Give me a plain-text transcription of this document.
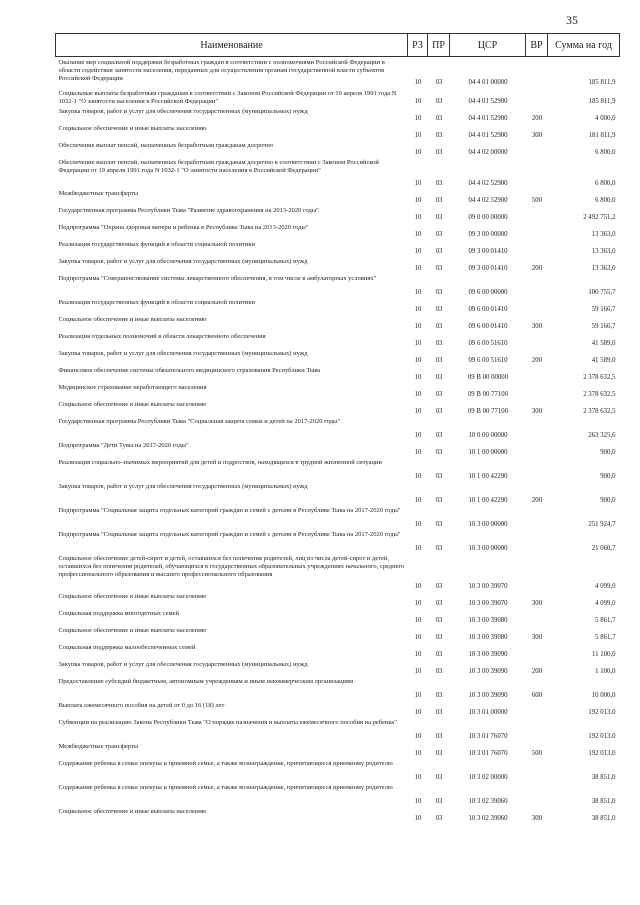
35
Наименование	РЗ	ПР	ЦСР	ВР	Сумма на год
Оказание мер социальной поддержки безработных граждан в соответствии с полномочиями Российской Федерации в области содействия занятости населения, переданных для осуществления органам государственной власти субъектов Российской Федерации	10	03	04 4 01 00000		185 811,9
Социальные выплаты безработным гражданам в соответствии с Законом Российской Федерации от 19 апреля 1991 года N 1032-1 "О занятости населения в Российской Федерации"	10	03	04 4 01 52900		185 811,9
Закупка товаров, работ и услуг для обеспечения государственных (муниципальных) нужд	10	03	04 4 01 52900	200	4 000,0
Социальное обеспечение и иные выплаты населению	10	03	04 4 01 52900	300	181 811,9
Обеспечение выплат пенсий, назначенных безработным гражданам досрочно	10	03	04 4 02 00000		6 800,0
Обеспечение выплат пенсий, назначенных безработным гражданам досрочно в соответствии с Законом Российской Федерации от 19 апреля 1991 года N 1032-1 "О занятости населения в Российской Федерации"	10	03	04 4 02 52900		6 800,0
Межбюджетные трансферты	10	03	04 4 02 52900	500	6 800,0
Государственная программа Республики Тыва "Развитие здравоохранения на 2013-2020 годы"	10	03	09 0 00 00000		2 492 751,2
Подпрограмма "Охрана здоровья матери и ребенка в Республике Тыва на 2013-2020 годы"	10	03	09 3 00 00000		13 363,0
Реализация государственных функций в области социальной политики	10	03	09 3 00 01410		13 363,0
Закупка товаров, работ и услуг для обеспечения государственных (муниципальных) нужд	10	03	09 3 00 01410	200	13 363,0
Подпрограмма "Совершенствование системы лекарственного обеспечения, в том числе в амбулаторных условиях"	10	03	09 6 00 00000		100 755,7
Реализация государственных функций в области социальной политики	10	03	09 6 00 01410		59 166,7
Социальное обеспечение и иные выплаты населению	10	03	09 6 00 01410	300	59 166,7
Реализация отдельных полномочий в области лекарственного обеспечения	10	03	09 6 00 51610		41 589,0
Закупка товаров, работ и услуг для обеспечения государственных (муниципальных) нужд	10	03	09 6 00 51610	200	41 589,0
Финансовое обеспечение системы обязательного медицинского страхования Республики Тыва	10	03	09 В 00 00000		2 378 632,5
Медицинское страхование неработающего населения	10	03	09 В 00 77100		2 378 632,5
Социальное обеспечение и иные выплаты населению	10	03	09 В 00 77100	300	2 378 632,5
Государственная программа Республики Тыва "Социальная защита семьи и детей на 2017-2020 годы"	10	03	10 0 00 00000		263 325,6
Подпрограмма "Дети Тувы на 2017-2020 годы"	10	03	10 1 00 00000		900,0
Реализация социально-значимых мероприятий для детей и подростков, находящихся в трудной жизненной ситуации	10	03	10 1 00 42290		900,0
Закупка товаров, работ и услуг для обеспечения государственных (муниципальных) нужд	10	03	10 1 00 42290	200	900,0
Подпрограмма "Социальная защита отдельных категорий граждан и семей с детьми в Республике Тыва на 2017-2020 годы"	10	03	10 3 00 00000		251 924,7
Подпрограмма "Социальная защита отдельных категорий граждан и семей с детьми в Республике Тыва на 2017-2020 годы"	10	03	10 3 00 00000		21 060,7
Социальное обеспечение детей-сирот и детей, оставшихся без попечения родителей, лиц из числа детей-сирот и детей, оставшихся без попечения родителей, обучающихся в государственных образовательных учреждениях начального, среднего профессионального образования и высшего профессионального образования	10	03	10 3 00 39070		4 099,0
Социальное обеспечение и иные выплаты населению	10	03	10 3 00 39070	300	4 099,0
Социальная поддержка многодетных семей	10	03	10 3 00 39080		5 861,7
Социальное обеспечение и иные выплаты населению	10	03	10 3 00 39080	300	5 861,7
Социальная поддержка малообеспеченных семей	10	03	10 3 00 39090		11 100,0
Закупка товаров, работ и услуг для обеспечения государственных (муниципальных) нужд	10	03	10 3 00 39090	200	1 100,0
Предоставление субсидий бюджетным, автономным учреждениям и иным некоммерческим организациям	10	03	10 3 00 39090	600	10 000,0
Выплата ежемесячного пособия на детей от 0 до 16 (18) лет	10	03	10 3 01 00000		192 013,0
Субвенции на реализацию Закона Республики Тыва "О порядке назначения и выплаты ежемесячного пособия на ребенка"	10	03	10 3 01 76070		192 013,0
Межбюджетные трансферты	10	03	10 3 01 76070	500	192 013,0
Содержание ребенка в семье опекуна и приемной семье, а также вознаграждение, причитающееся приемному родителю	10	03	10 3 02 00000		38 851,0
Содержание ребенка в семье опекуна и приемной семье, а также вознаграждение, причитающееся приемному родителю	10	03	10 3 02 39060		38 851,0
Социальное обеспечение и иные выплаты населению	10	03	10 3 02 39060	300	38 851,0
